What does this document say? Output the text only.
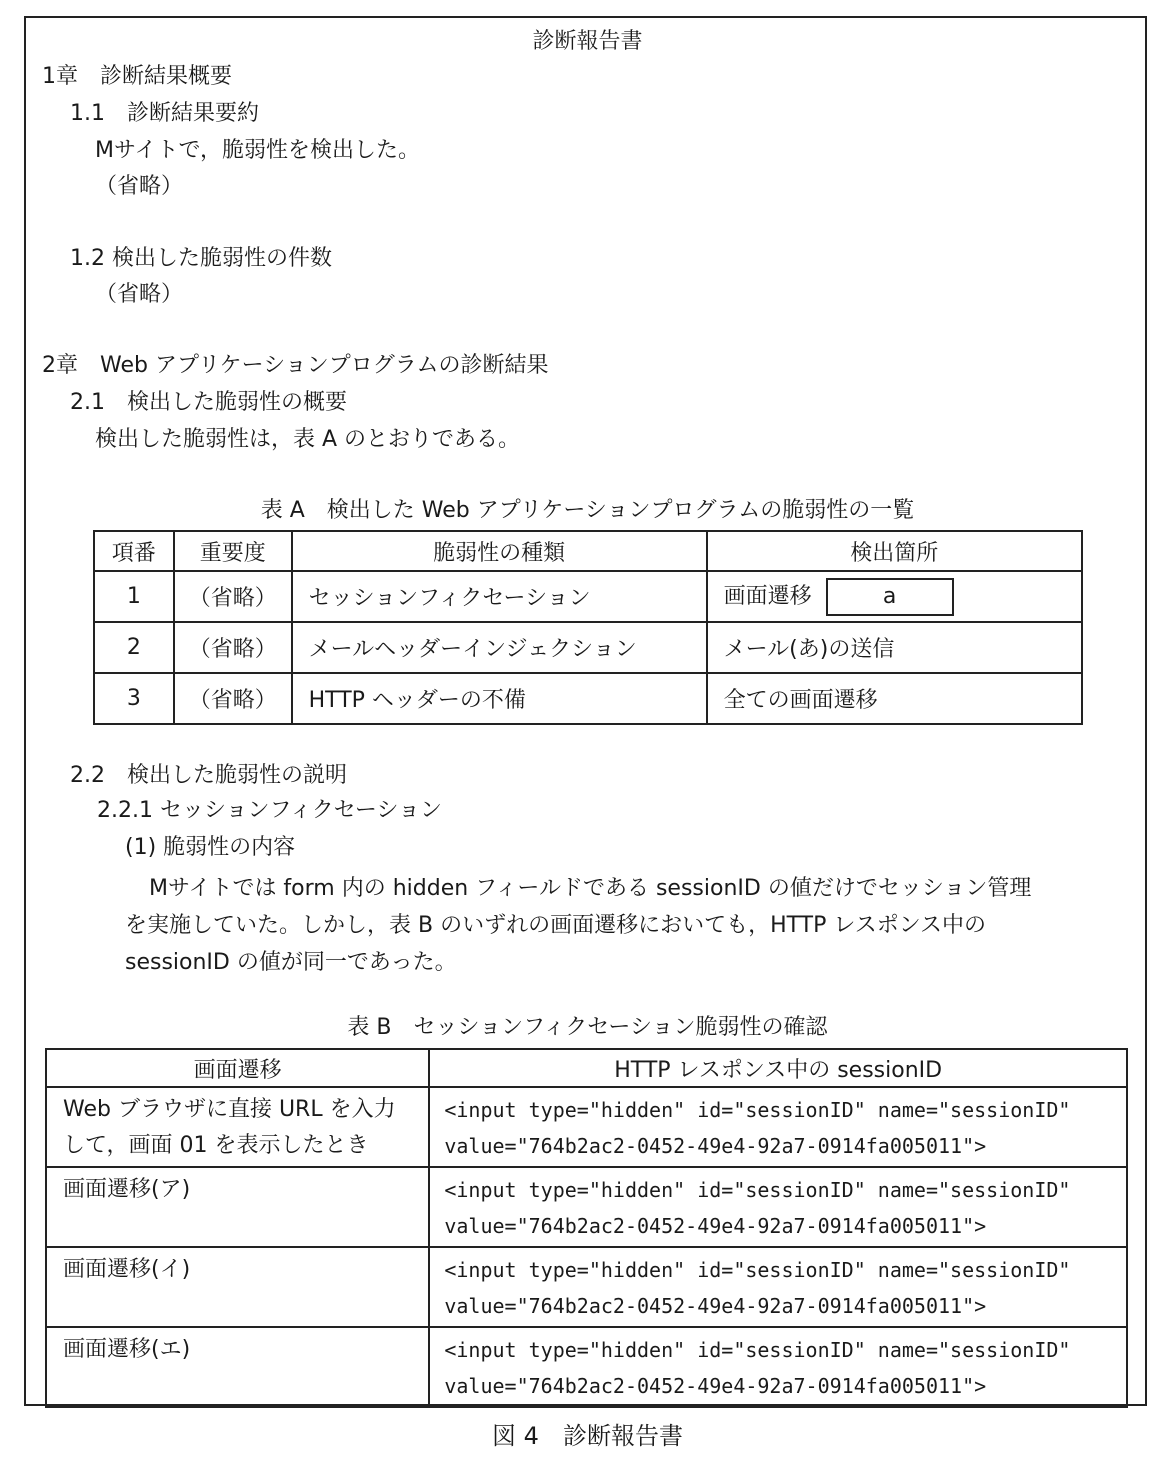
診断報告書
1章　診断結果概要
1.1　診断結果要約
Mサイトで，脆弱性を検出した。
（省略）
1.2 検出した脆弱性の件数
（省略）
2章　Web アプリケーションプログラムの診断結果
2.1　検出した脆弱性の概要
検出した脆弱性は，表 A のとおりである。
表 A　検出した Web アプリケーションプログラムの脆弱性の一覧
項番	重要度	脆弱性の種類	検出箇所
1	（省略）	セッションフィクセーション	画面遷移 a
2	（省略）	メールヘッダーインジェクション	メール(あ)の送信
3	（省略）	HTTP ヘッダーの不備	全ての画面遷移
2.2　検出した脆弱性の説明
2.2.1 セッションフィクセーション
(1) 脆弱性の内容
Mサイトでは form 内の hidden フィールドである sessionID の値だけでセッション管理
を実施していた。しかし，表 B のいずれの画面遷移においても，HTTP レスポンス中の
sessionID の値が同一であった。
表 B　セッションフィクセーション脆弱性の確認
画面遷移	HTTP レスポンス中の sessionID

Web ブラウザに直接 URL を入力
して，画面 01 を表示したとき	<input type="hidden" id="sessionID" name="sessionID"
value="764b2ac2-0452-49e4-92a7-0914fa005011">

画面遷移(ア)	<input type="hidden" id="sessionID" name="sessionID"
value="764b2ac2-0452-49e4-92a7-0914fa005011">

画面遷移(イ)	<input type="hidden" id="sessionID" name="sessionID"
value="764b2ac2-0452-49e4-92a7-0914fa005011">

画面遷移(エ)	<input type="hidden" id="sessionID" name="sessionID"
value="764b2ac2-0452-49e4-92a7-0914fa005011">
図 4　診断報告書
